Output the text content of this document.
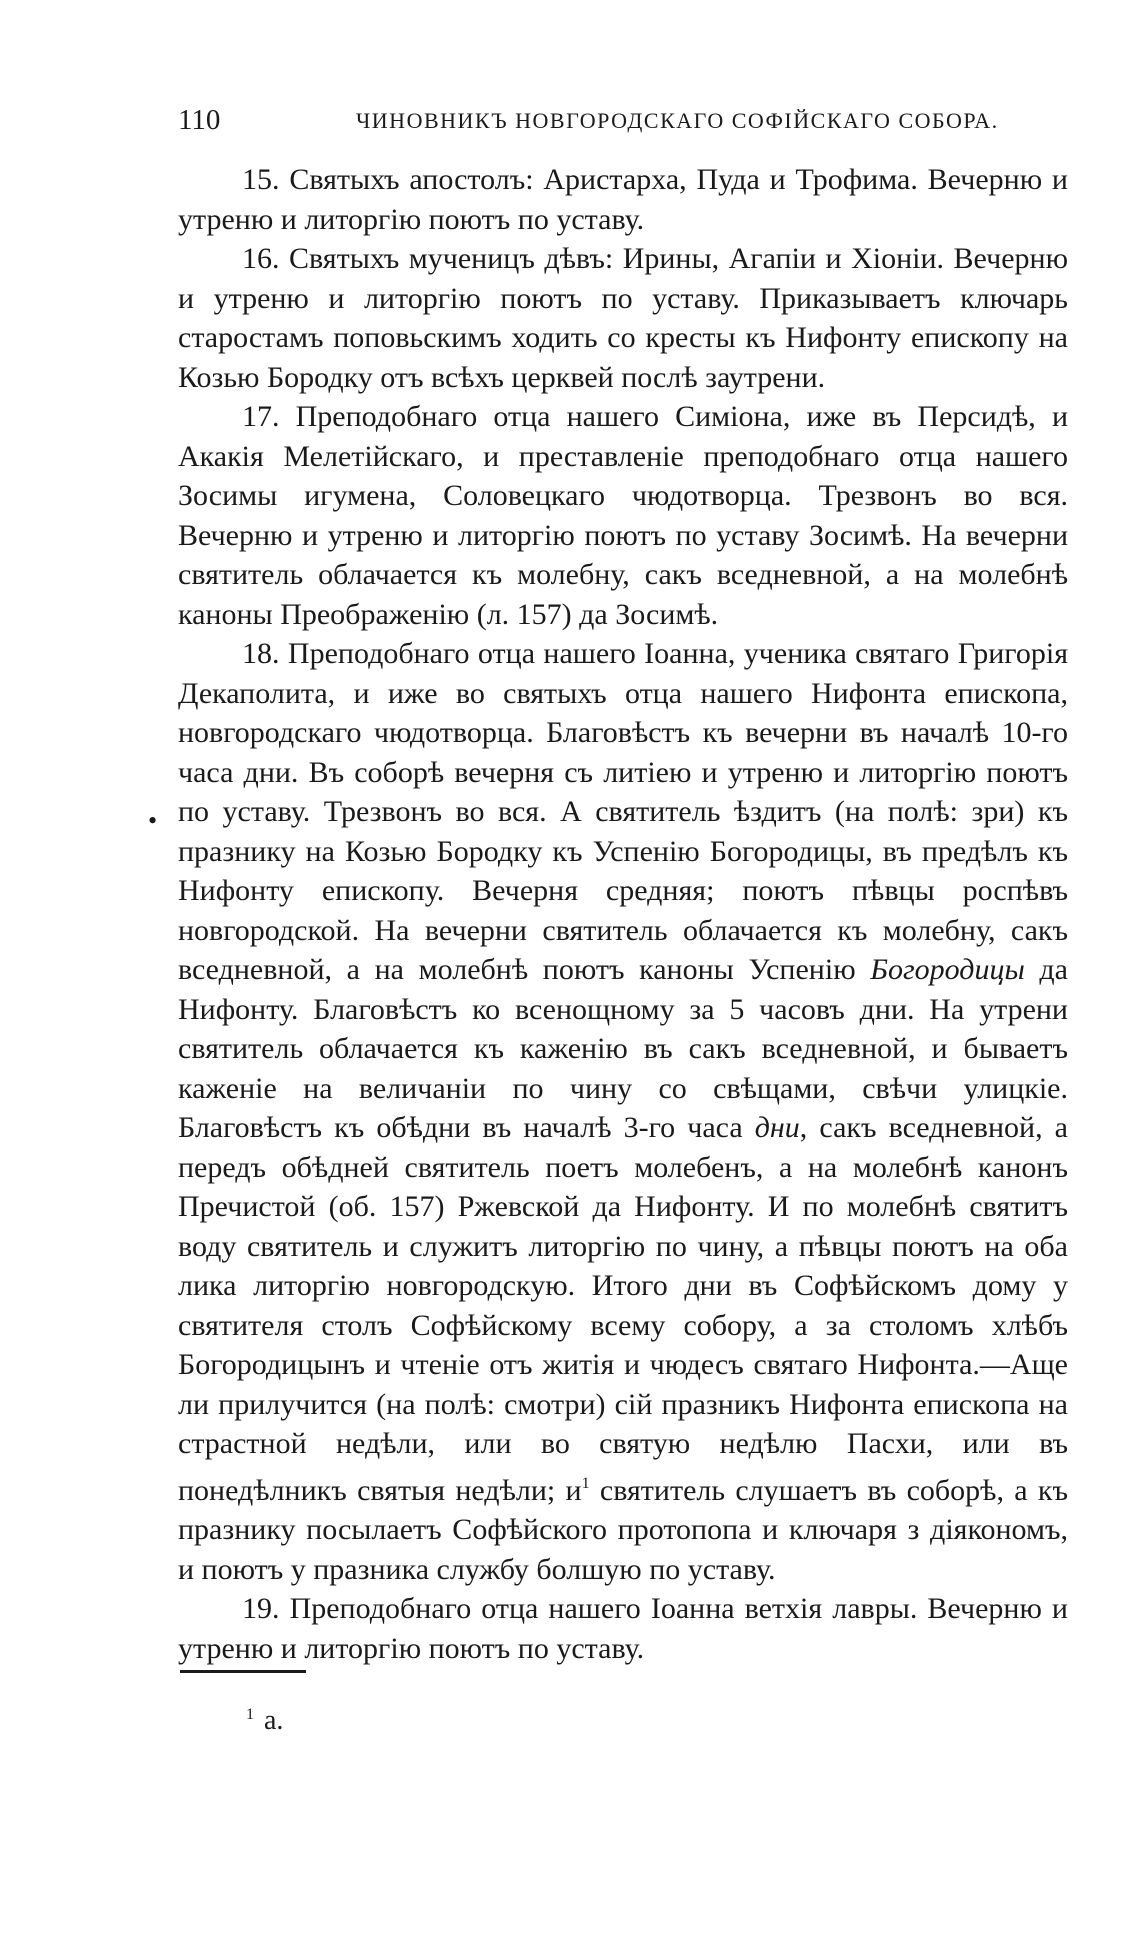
110	ЧИНОВНИКЪ НОВГОРОДСКАГО СОФІЙСКАГО СОБОРА.

15. Святыхъ апостолъ: Аристарха, Пуда и Трофима. Вечерню и утреню и литоргію поютъ по уставу.

16. Святыхъ мученицъ дѣвъ: Ирины, Агапіи и Хіоніи. Вечерню и утреню и литоргію поютъ по уставу. Приказываетъ ключарь старостамъ поповьскимъ ходить со кресты къ Нифонту епископу на Козью Бородку отъ всѣхъ церквей послѣ заутрени.

17. Преподобнаго отца нашего Симіона, иже въ Персидѣ, и Акакія Мелетійскаго, и преставленіе преподобнаго отца нашего Зосимы игумена, Соловецкаго чюдотворца. Трезвонъ во вся. Вечерню и утреню и литоргію поютъ по уставу Зосимѣ. На вечерни святитель облачается къ молебну, сакъ вседневной, а на молебнѣ каноны Преображенію (л. 157) да Зосимѣ.

18. Преподобнаго отца нашего Іоанна, ученика святаго Григорія Декаполита, и иже во святыхъ отца нашего Нифонта епископа, новгородскаго чюдотворца. Благовѣстъ къ вечерни въ началѣ 10-го часа дни. Въ соборѣ вечерня съ литіею и утреню и литоргію поютъ по уставу. Трезвонъ во вся. А святитель ѣздитъ (на полѣ: зри) къ празнику на Козью Бородку къ Успенію Богородицы, въ предѣлъ къ Нифонту епископу. Вечерня средняя; поютъ пѣвцы роспѣвъ новгородской. На вечерни святитель облачается къ молебну, сакъ вседневной, а на молебнѣ поютъ каноны Успенію Богородицы да Нифонту. Благовѣстъ ко всенощному за 5 часовъ дни. На утрени святитель облачается къ каженію въ сакъ вседневной, и бываетъ каженіе на величаніи по чину со свѣщами, свѣчи улицкіе. Благовѣстъ къ обѣдни въ началѣ 3-го часа дни, сакъ вседневной, а передъ обѣдней святитель поетъ молебенъ, а на молебнѣ канонъ Пречистой (об. 157) Ржевской да Нифонту. И по молебнѣ святитъ воду святитель и служитъ литоргію по чину, а пѣвцы поютъ на оба лика литоргію новгородскую. Итого дни въ Софѣйскомъ дому у святителя столъ Софѣйскому всему собору, а за столомъ хлѣбъ Богородицынъ и чтеніе отъ житія и чюдесъ святаго Нифонта.—Аще ли прилучится (на полѣ: смотри) сій празникъ Нифонта епископа на страстной недѣли, или во святую недѣлю Пасхи, или въ понедѣлникъ святыя недѣли; и$^1$ святитель слушаетъ въ соборѣ, а къ празнику посылаетъ Софѣйского протопопа и ключаря з діякономъ, и поютъ у празника службу болшую по уставу.

19. Преподобнаго отца нашего Іоанна ветхія лавры. Вечерню и утреню и литоргію поютъ по уставу.

•
$^1$ а.
